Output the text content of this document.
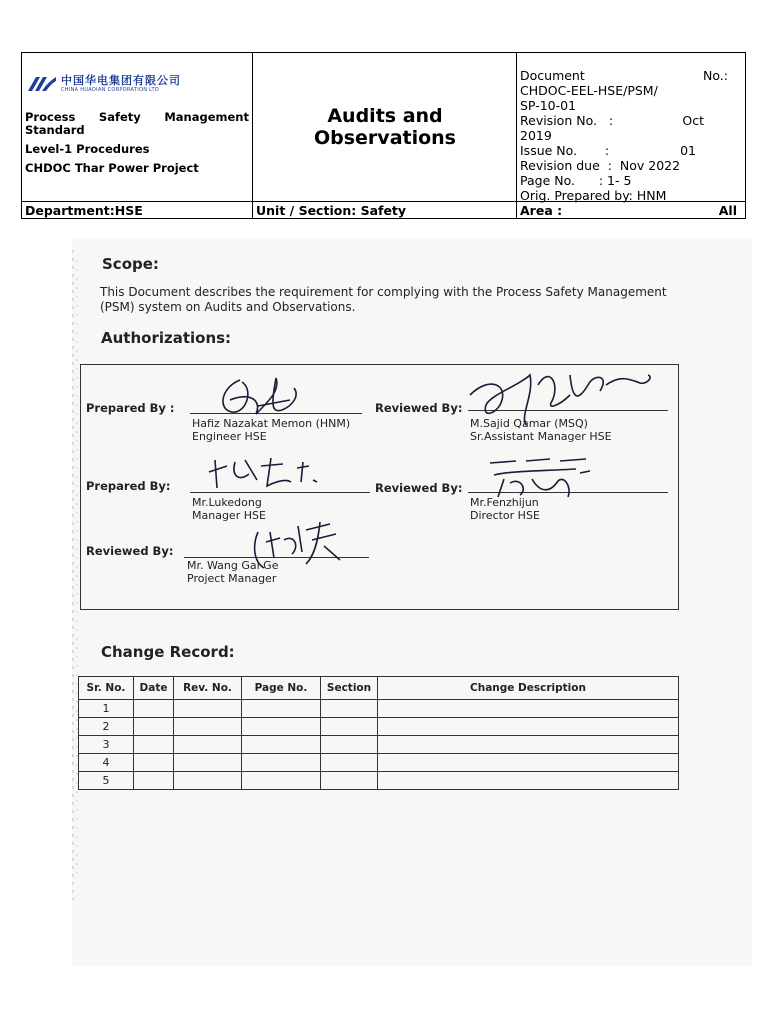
中国华电集团有限公司
CHINA HUADIAN CORPORATION LTD
Process Safety Management
Standard
Level-1 Procedures
CHDOC Thar Power Project
Audits and
Observations
Document	No.:
CHDOC-EEL-HSE/PSM/
SP-10-01
Revision No.   :	Oct
2019
Issue No.       :	01
Revision due  :  Nov 2022
Page No.      : 1- 5
Orig. Prepared by: HNM
Department:HSE	Unit / Section: Safety	Area :	All
Scope:
This Document describes the requirement for complying with the Process Safety Management (PSM) system on Audits and Observations.
Authorizations:
Prepared By :
Hafiz Nazakat Memon (HNM)
Engineer HSE
Reviewed By:
M.Sajid Qamar (MSQ)
Sr.Assistant Manager HSE
Prepared By:
Mr.Lukedong
Manager HSE
Reviewed By:
Mr.Fenzhijun
Director HSE
Reviewed By:
Mr. Wang Gai Ge
Project Manager
Change Record:
Sr. No.	Date	Rev. No.	Page No.	Section	Change Description
1					
2					
3					
4					
5					
